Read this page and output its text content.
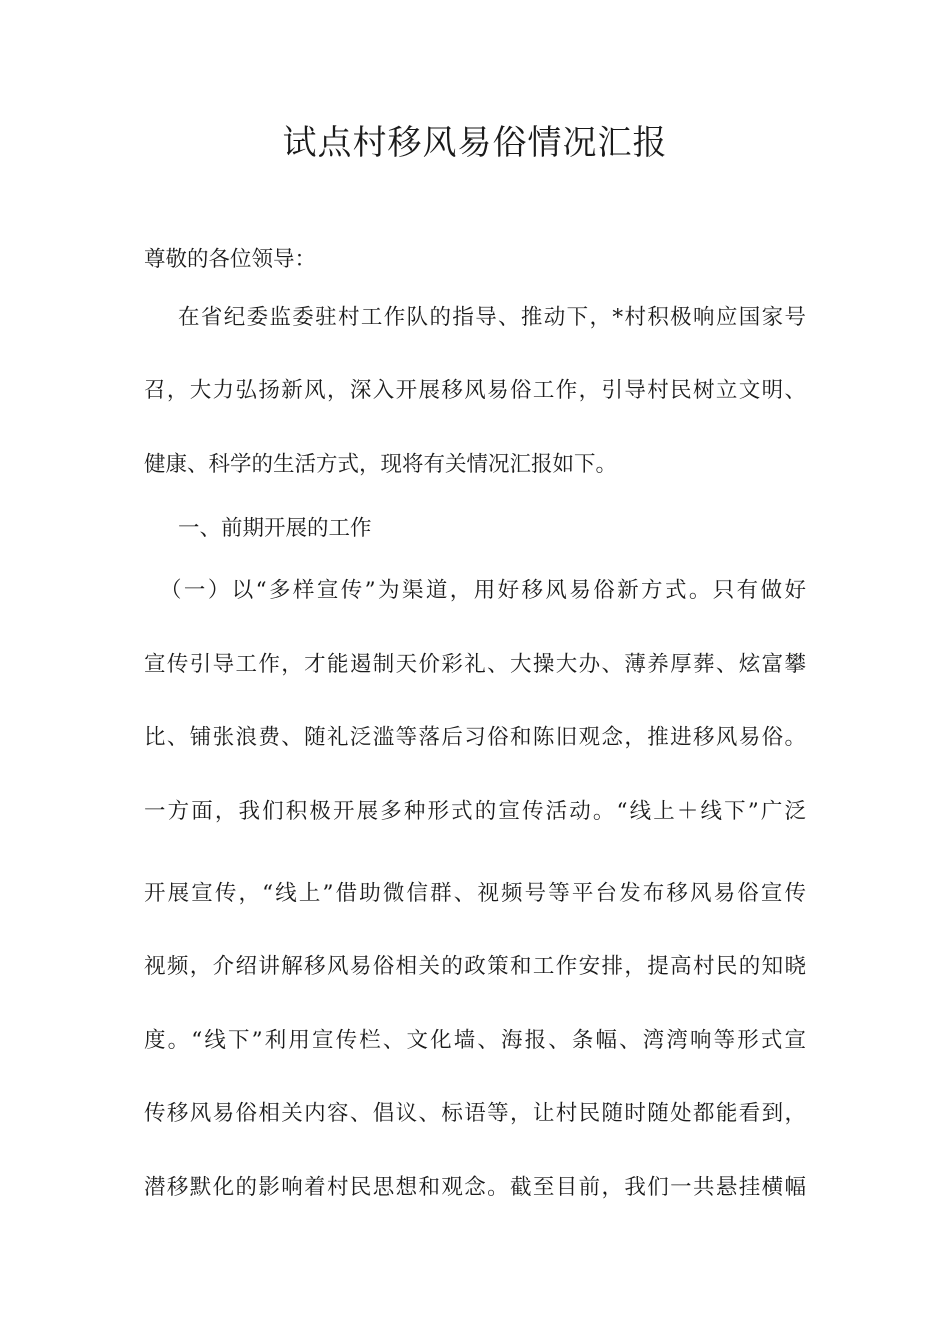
试点村移风易俗情况汇报
尊敬的各位领导：
在省纪委监委驻村工作队的指导、推动下，*村积极响应国家号
召，大力弘扬新风，深入开展移风易俗工作，引导村民树立文明、
健康、科学的生活方式，现将有关情况汇报如下。
一、前期开展的工作
（一）以“多样宣传”为渠道，用好移风易俗新方式。只有做好
宣传引导工作，才能遏制天价彩礼、大操大办、薄养厚葬、炫富攀
比、铺张浪费、随礼泛滥等落后习俗和陈旧观念，推进移风易俗。
一方面，我们积极开展多种形式的宣传活动。“线上＋线下”广泛
开展宣传，“线上”借助微信群、视频号等平台发布移风易俗宣传
视频，介绍讲解移风易俗相关的政策和工作安排，提高村民的知晓
度。“线下”利用宣传栏、文化墙、海报、条幅、湾湾响等形式宣
传移风易俗相关内容、倡议、标语等，让村民随时随处都能看到，
潜移默化的影响着村民思想和观念。截至目前，我们一共悬挂横幅
